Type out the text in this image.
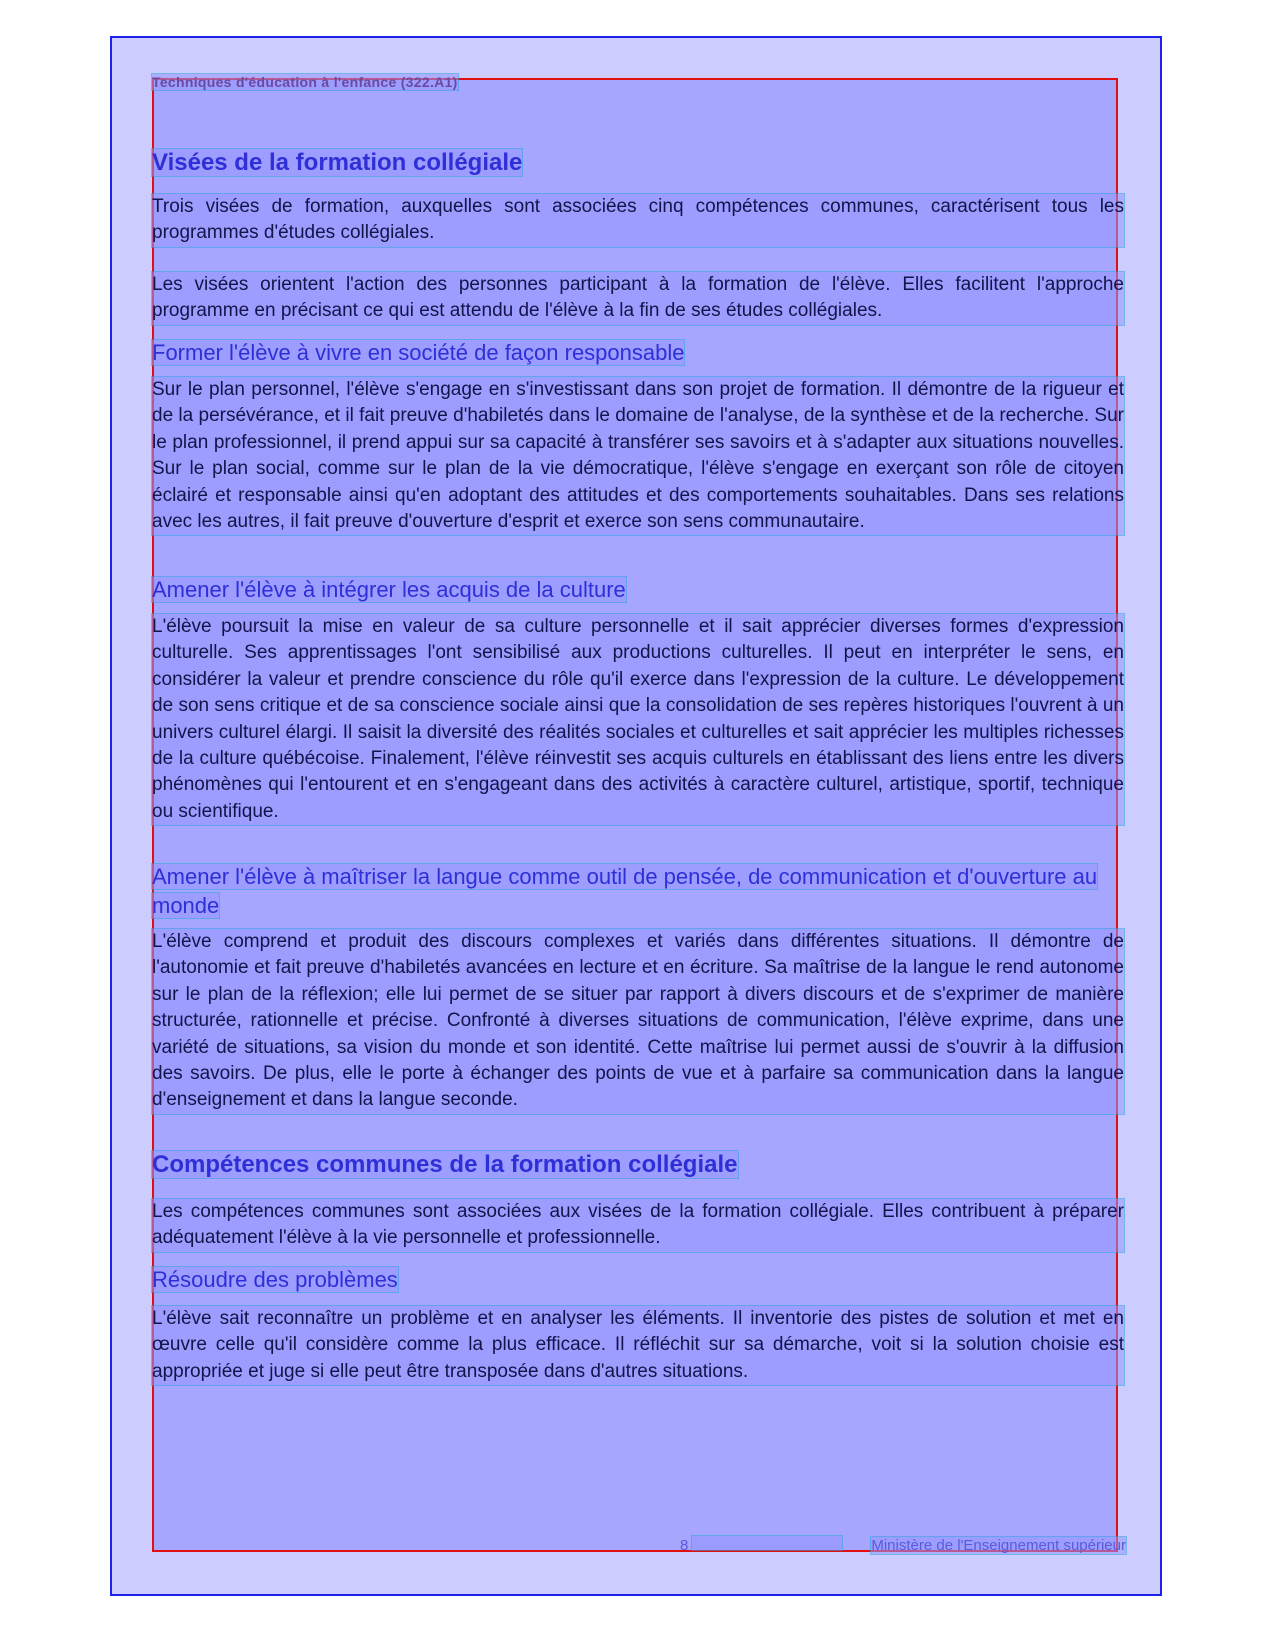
Techniques d'éducation à l'enfance (322.A1)
Visées de la formation collégiale

Trois visées de formation, auxquelles sont associées cinq compétences communes, caractérisent tous les programmes d'études collégiales.

Les visées orientent l'action des personnes participant à la formation de l'élève. Elles facilitent l'approche programme en précisant ce qui est attendu de l'élève à la fin de ses études collégiales.

Former l'élève à vivre en société de façon responsable

Sur le plan personnel, l'élève s'engage en s'investissant dans son projet de formation. Il démontre de la rigueur et de la persévérance, et il fait preuve d'habiletés dans le domaine de l'analyse, de la synthèse et de la recherche. Sur le plan professionnel, il prend appui sur sa capacité à transférer ses savoirs et à s'adapter aux situations nouvelles. Sur le plan social, comme sur le plan de la vie démocratique, l'élève s'engage en exerçant son rôle de citoyen éclairé et responsable ainsi qu'en adoptant des attitudes et des comportements souhaitables. Dans ses relations avec les autres, il fait preuve d'ouverture d'esprit et exerce son sens communautaire.

Amener l'élève à intégrer les acquis de la culture

L'élève poursuit la mise en valeur de sa culture personnelle et il sait apprécier diverses formes d'expression culturelle. Ses apprentissages l'ont sensibilisé aux productions culturelles. Il peut en interpréter le sens, en considérer la valeur et prendre conscience du rôle qu'il exerce dans l'expression de la culture. Le développement de son sens critique et de sa conscience sociale ainsi que la consolidation de ses repères historiques l'ouvrent à un univers culturel élargi. Il saisit la diversité des réalités sociales et culturelles et sait apprécier les multiples richesses de la culture québécoise. Finalement, l'élève réinvestit ses acquis culturels en établissant des liens entre les divers phénomènes qui l'entourent et en s'engageant dans des activités à caractère culturel, artistique, sportif, technique ou scientifique.

Amener l'élève à maîtriser la langue comme outil de pensée, de communication et d'ouverture au monde

L'élève comprend et produit des discours complexes et variés dans différentes situations. Il démontre de l'autonomie et fait preuve d'habiletés avancées en lecture et en écriture. Sa maîtrise de la langue le rend autonome sur le plan de la réflexion; elle lui permet de se situer par rapport à divers discours et de s'exprimer de manière structurée, rationnelle et précise. Confronté à diverses situations de communication, l'élève exprime, dans une variété de situations, sa vision du monde et son identité. Cette maîtrise lui permet aussi de s'ouvrir à la diffusion des savoirs. De plus, elle le porte à échanger des points de vue et à parfaire sa communication dans la langue d'enseignement et dans la langue seconde.

Compétences communes de la formation collégiale

Les compétences communes sont associées aux visées de la formation collégiale. Elles contribuent à préparer adéquatement l'élève à la vie personnelle et professionnelle.

Résoudre des problèmes

L'élève sait reconnaître un problème et en analyser les éléments. Il inventorie des pistes de solution et met en œuvre celle qu'il considère comme la plus efficace. Il réfléchit sur sa démarche, voit si la solution choisie est appropriée et juge si elle peut être transposée dans d'autres situations.

8	Ministère de l'Enseignement supérieur
